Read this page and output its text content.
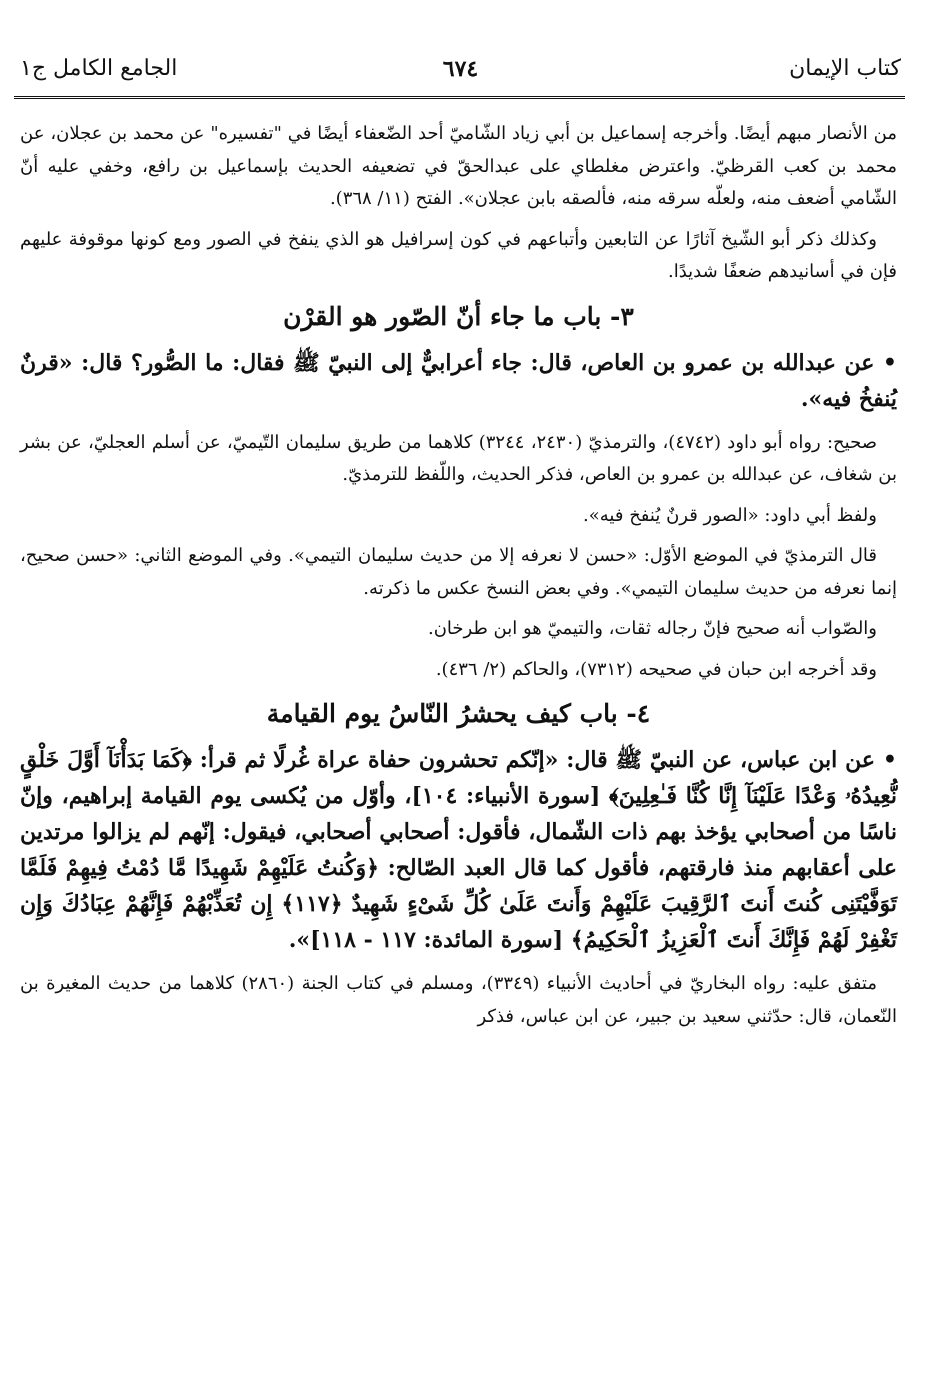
كتاب الإيمان
٦٧٤
الجامع الكامل ج١

من الأنصار مبهم أيضًا. وأخرجه إسماعيل بن أبي زياد الشّاميّ أحد الضّعفاء أيضًا في "تفسيره" عن محمد بن عجلان، عن محمد بن كعب القرظيّ. واعترض مغلطاي على عبدالحقّ في تضعيفه الحديث بإسماعيل بن رافع، وخفي عليه أنّ الشّامي أضعف منه، ولعلّه سرقه منه، فألصقه بابن عجلان». الفتح (١١/ ٣٦٨).

وكذلك ذكر أبو الشّيخ آثارًا عن التابعين وأتباعهم في كون إسرافيل هو الذي ينفخ في الصور ومع كونها موقوفة عليهم فإن في أسانيدهم ضعفًا شديدًا.

٣- باب ما جاء أنّ الصّور هو القرْن

• عن عبدالله بن عمرو بن العاص، قال: جاء أعرابيٌّ إلى النبيّ ﷺ فقال: ما الصُّور؟ قال: «قرنٌ يُنفخُ فيه».

صحيح: رواه أبو داود (٤٧٤٢)، والترمذيّ (٢٤٣٠، ٣٢٤٤) كلاهما من طريق سليمان التّيميّ، عن أسلم العجليّ، عن بشر بن شغاف، عن عبدالله بن عمرو بن العاص، فذكر الحديث، واللّفظ للترمذيّ.

ولفظ أبي داود: «الصور قرنٌ يُنفخ فيه».

قال الترمذيّ في الموضع الأوّل: «حسن لا نعرفه إلا من حديث سليمان التيمي». وفي الموضع الثاني: «حسن صحيح، إنما نعرفه من حديث سليمان التيمي». وفي بعض النسخ عكس ما ذكرته.

والصّواب أنه صحيح فإنّ رجاله ثقات، والتيميّ هو ابن طرخان.

وقد أخرجه ابن حبان في صحيحه (٧٣١٢)، والحاكم (٢/ ٤٣٦).

٤- باب كيف يحشرُ النّاسُ يوم القيامة

• عن ابن عباس، عن النبيّ ﷺ قال: «إنّكم تحشرون حفاة عراة غُرلًا ثم قرأ: ﴿كَمَا بَدَأْنَآ أَوَّلَ خَلْقٍ نُّعِيدُهُۥ وَعْدًا عَلَيْنَآ إِنَّا كُنَّا فَـٰعِلِينَ﴾ [سورة الأنبياء: ١٠٤]، وأوّل من يُكسى يوم القيامة إبراهيم، وإنّ ناسًا من أصحابي يؤخذ بهم ذات الشّمال، فأقول: أصحابي أصحابي، فيقول: إنّهم لم يزالوا مرتدين على أعقابهم منذ فارقتهم، فأقول كما قال العبد الصّالح: ﴿وَكُنتُ عَلَيْهِمْ شَهِيدًا مَّا دُمْتُ فِيهِمْ فَلَمَّا تَوَفَّيْتَنِى كُنتَ أَنتَ ٱلرَّقِيبَ عَلَيْهِمْ وَأَنتَ عَلَىٰ كُلِّ شَىْءٍ شَهِيدٌ ﴿١١٧﴾ إِن تُعَذِّبْهُمْ فَإِنَّهُمْ عِبَادُكَ وَإِن تَغْفِرْ لَهُمْ فَإِنَّكَ أَنتَ ٱلْعَزِيزُ ٱلْحَكِيمُ﴾ [سورة المائدة: ١١٧ - ١١٨]».

متفق عليه: رواه البخاريّ في أحاديث الأنبياء (٣٣٤٩)، ومسلم في كتاب الجنة (٢٨٦٠) كلاهما من حديث المغيرة بن النّعمان، قال: حدّثني سعيد بن جبير، عن ابن عباس، فذكر
